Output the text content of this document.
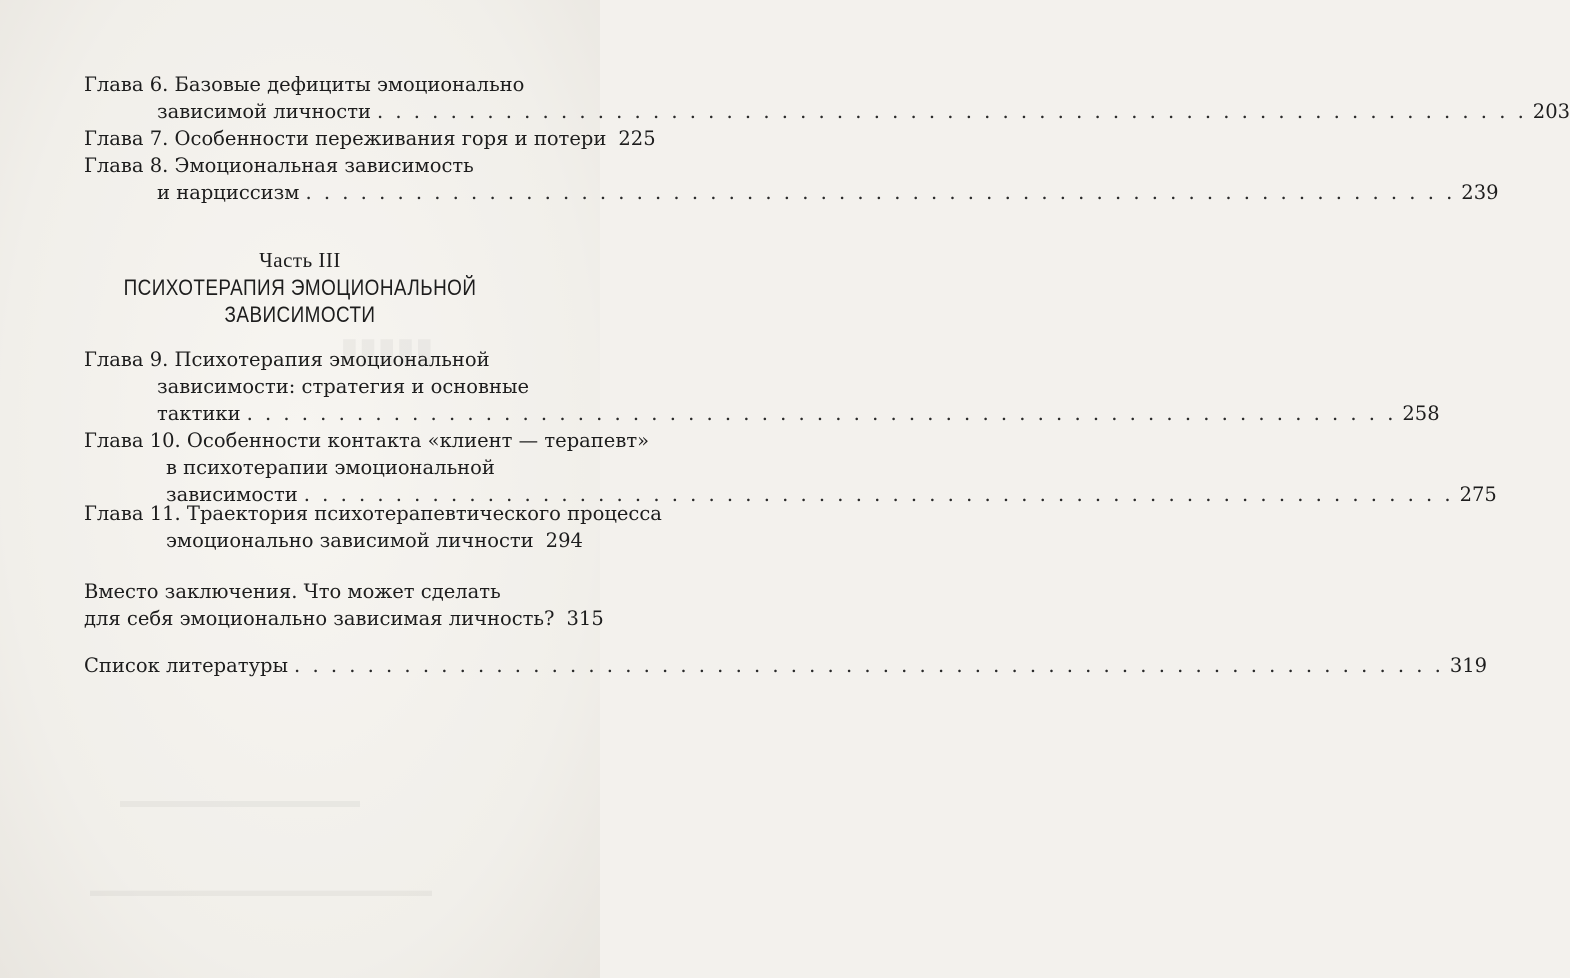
Глава 6. Базовые дефициты эмоционально
зависимой личности . . .	203
Глава 7. Особенности переживания горя и потери 225
Глава 8. Эмоциональная зависимость
и нарциссизм . . .	239
Часть III
ПСИХОТЕРАПИЯ ЭМОЦИОНАЛЬНОЙ
ЗАВИСИМОСТИ
Глава 9. Психотерапия эмоциональной
зависимости: стратегия и основные
тактики . . .	258
Глава 10. Особенности контакта «клиент — терапевт»
в психотерапии эмоциональной
зависимости . . .	275
Глава 11. Траектория психотерапевтического процесса
эмоционально зависимой личности 294
Вместо заключения. Что может сделать
для себя эмоционально зависимая личность? 315
Список литературы . . .	319
